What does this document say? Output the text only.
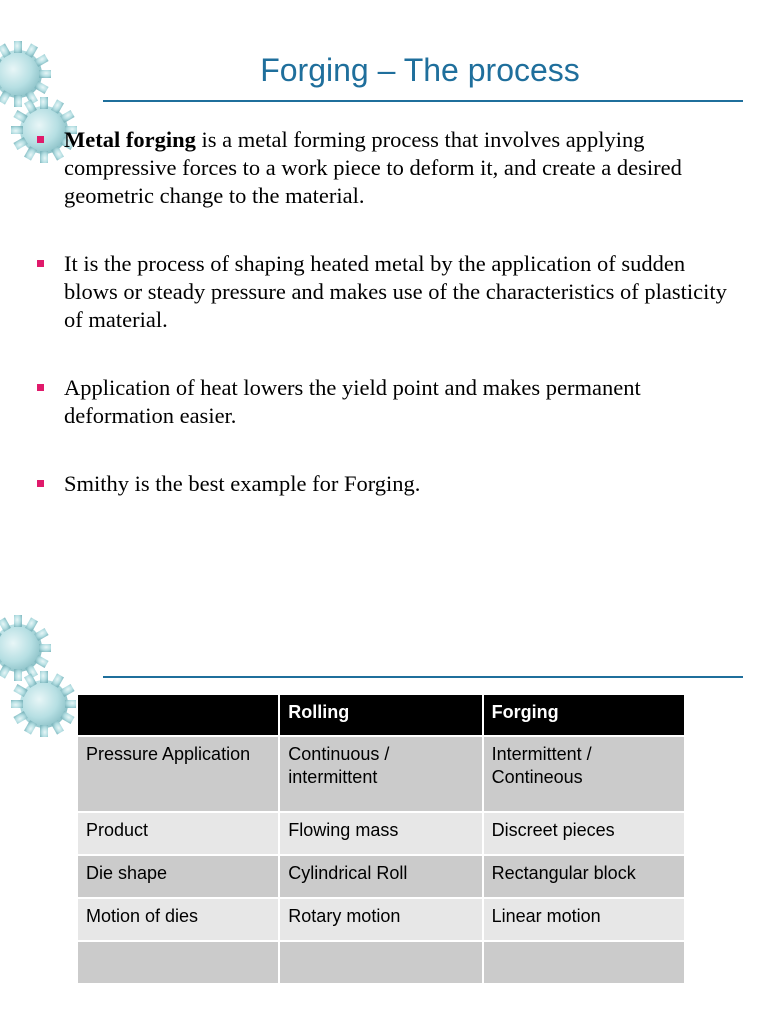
Forging – The process
Metal forging is a metal forming process that involves applying compressive forces to a work piece to deform it, and create a desired geometric change to the material.
It is the process of shaping heated metal by the application of sudden blows or steady pressure and makes use of the characteristics of plasticity of material.
Application of heat lowers the yield point and makes permanent deformation easier.
Smithy is the best example for Forging.
	Rolling	Forging
Pressure Application	Continuous / intermittent	Intermittent / Contineous
Product	Flowing mass	Discreet pieces
Die shape	Cylindrical Roll	Rectangular block
Motion of dies	Rotary motion	Linear motion
